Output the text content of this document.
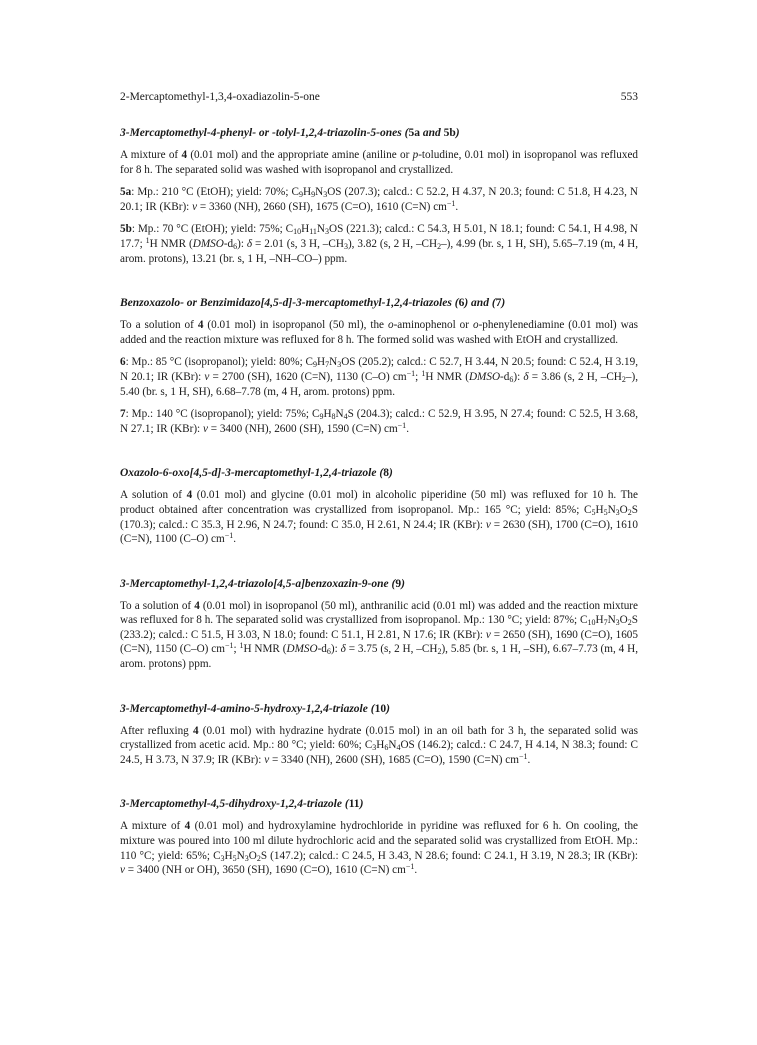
2-Mercaptomethyl-1,3,4-oxadiazolin-5-one	553
3-Mercaptomethyl-4-phenyl- or -tolyl-1,2,4-triazolin-5-ones (5a and 5b)

A mixture of 4 (0.01 mol) and the appropriate amine (aniline or p-toludine, 0.01 mol) in isopropanol was refluxed for 8 h. The separated solid was washed with isopropanol and crystallized.

5a: Mp.: 210 °C (EtOH); yield: 70%; $C_9H_9N_3OS$ (207.3); calcd.: C 52.2, H 4.37, N 20.3; found: C 51.8, H 4.23, N 20.1; IR (KBr): ν = 3360 (NH), 2660 (SH), 1675 (C=O), 1610 (C=N) $cm^{-1}$.

5b: Mp.: 70 °C (EtOH); yield: 75%; $C_{10}H_{11}N_3OS$ (221.3); calcd.: C 54.3, H 5.01, N 18.1; found: C 54.1, H 4.98, N 17.7; $^1$H NMR $(DMSO-d_6)$: δ = 2.01 (s, 3 H, $-CH_3$), 3.82 (s, 2 H, $-CH_2-$), 4.99 (br. s, 1 H, SH), 5.65–7.19 (m, 4 H, arom. protons), 13.21 (br. s, 1 H, –NH–CO–) ppm.

Benzoxazolo- or Benzimidazo[4,5-d]-3-mercaptomethyl-1,2,4-triazoles (6) and (7)

To a solution of 4 (0.01 mol) in isopropanol (50 ml), the o-aminophenol or o-phenylenediamine (0.01 mol) was added and the reaction mixture was refluxed for 8 h. The formed solid was washed with EtOH and crystallized.

6: Mp.: 85 °C (isopropanol); yield: 80%; $C_9H_7N_3OS$ (205.2); calcd.: C 52.7, H 3.44, N 20.5; found: C 52.4, H 3.19, N 20.1; IR (KBr): ν = 2700 (SH), 1620 (C=N), 1130 (C–O) $cm^{-1}$; $^1$H NMR $(DMSO-d_6)$: δ = 3.86 (s, 2 H, $-CH_2-$), 5.40 (br. s, 1 H, SH), 6.68–7.78 (m, 4 H, arom. protons) ppm.

7: Mp.: 140 °C (isopropanol); yield: 75%; $C_9H_8N_4S$ (204.3); calcd.: C 52.9, H 3.95, N 27.4; found: C 52.5, H 3.68, N 27.1; IR (KBr): ν = 3400 (NH), 2600 (SH), 1590 (C=N) $cm^{-1}$.

Oxazolo-6-oxo[4,5-d]-3-mercaptomethyl-1,2,4-triazole (8)

A solution of 4 (0.01 mol) and glycine (0.01 mol) in alcoholic piperidine (50 ml) was refluxed for 10 h. The product obtained after concentration was crystallized from isopropanol. Mp.: 165 °C; yield: 85%; $C_5H_5N_3O_2S$ (170.3); calcd.: C 35.3, H 2.96, N 24.7; found: C 35.0, H 2.61, N 24.4; IR (KBr): ν = 2630 (SH), 1700 (C=O), 1610 (C=N), 1100 (C–O) $cm^{-1}$.

3-Mercaptomethyl-1,2,4-triazolo[4,5-a]benzoxazin-9-one (9)

To a solution of 4 (0.01 mol) in isopropanol (50 ml), anthranilic acid (0.01 ml) was added and the reaction mixture was refluxed for 8 h. The separated solid was crystallized from isopropanol. Mp.: 130 °C; yield: 87%; $C_{10}H_7N_3O_2S$ (233.2); calcd.: C 51.5, H 3.03, N 18.0; found: C 51.1, H 2.81, N 17.6; IR (KBr): ν = 2650 (SH), 1690 (C=O), 1605 (C=N), 1150 (C–O) $cm^{-1}$; $^1$H NMR $(DMSO-d_6)$: δ = 3.75 (s, 2 H, $-CH_2$), 5.85 (br. s, 1 H, –SH), 6.67–7.73 (m, 4 H, arom. protons) ppm.

3-Mercaptomethyl-4-amino-5-hydroxy-1,2,4-triazole (10)

After refluxing 4 (0.01 mol) with hydrazine hydrate (0.015 mol) in an oil bath for 3 h, the separated solid was crystallized from acetic acid. Mp.: 80 °C; yield: 60%; $C_3H_6N_4OS$ (146.2); calcd.: C 24.7, H 4.14, N 38.3; found: C 24.5, H 3.73, N 37.9; IR (KBr): ν = 3340 (NH), 2600 (SH), 1685 (C=O), 1590 (C=N) $cm^{-1}$.

3-Mercaptomethyl-4,5-dihydroxy-1,2,4-triazole (11)

A mixture of 4 (0.01 mol) and hydroxylamine hydrochloride in pyridine was refluxed for 6 h. On cooling, the mixture was poured into 100 ml dilute hydrochloric acid and the separated solid was crystallized from EtOH. Mp.: 110 °C; yield: 65%; $C_3H_5N_3O_2S$ (147.2); calcd.: C 24.5, H 3.43, N 28.6; found: C 24.1, H 3.19, N 28.3; IR (KBr): ν = 3400 (NH or OH), 3650 (SH), 1690 (C=O), 1610 (C=N) $cm^{-1}$.
